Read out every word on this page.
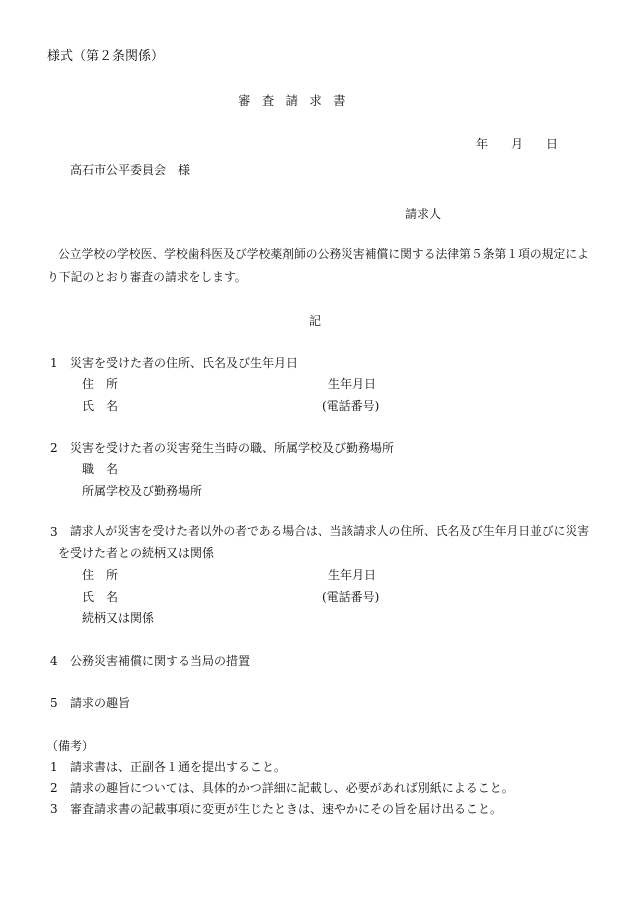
様式（第２条関係）
審査請求書
年 月 日
高石市公平委員会　様
請求人
公立学校の学校医、学校歯科医及び学校薬剤師の公務災害補償に関する法律第５条第１項の規定によ
り下記のとおり審査の請求をします。
記
1 災害を受けた者の住所、氏名及び生年月日
住　所	生年月日
氏　名	(電話番号)
2 災害を受けた者の災害発生当時の職、所属学校及び勤務場所
職　名
所属学校及び勤務場所
3 請求人が災害を受けた者以外の者である場合は、当該請求人の住所、氏名及び生年月日並びに災害
を受けた者との続柄又は関係
住　所	生年月日
氏　名	(電話番号)
続柄又は関係
4 公務災害補償に関する当局の措置
5 請求の趣旨
（備考）
1 請求書は、正副各１通を提出すること。
2 請求の趣旨については、具体的かつ詳細に記載し、必要があれば別紙によること。
3 審査請求書の記載事項に変更が生じたときは、速やかにその旨を届け出ること。
